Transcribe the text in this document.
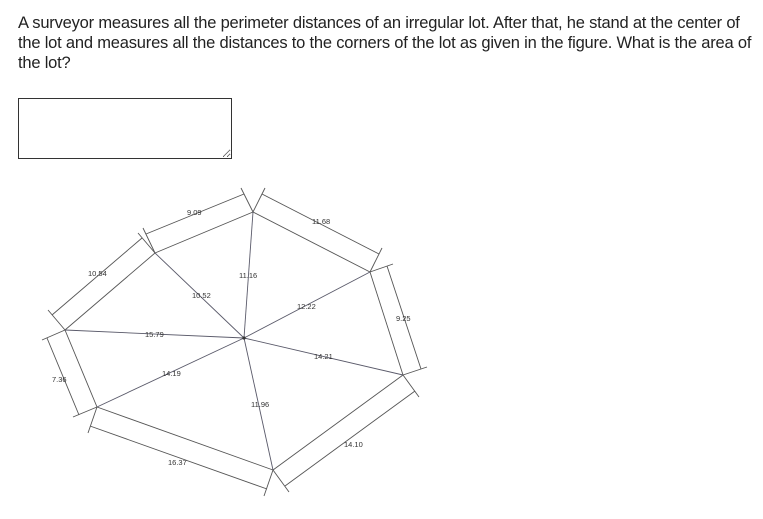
A surveyor measures all the perimeter distances of an irregular lot. After that, he stand at the center of the lot and measures all the distances to the corners of the lot as given in the figure. What is the area of the lot?

9.09
11.68
9.25
14.10
16.37
7.36
10.54
10.52
11.16
12.22
14.21
11.96
14.19
15.79
